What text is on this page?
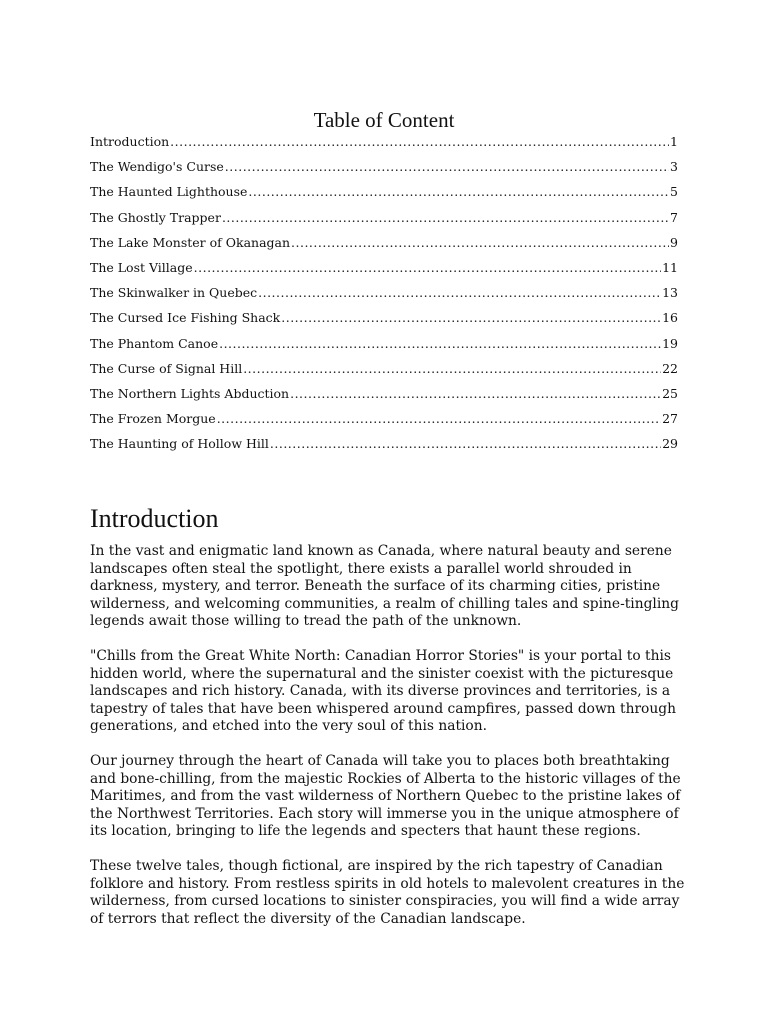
Table of Content
Introduction .....	1
The Wendigo's Curse .....	3
The Haunted Lighthouse .....	5
The Ghostly Trapper .....	7
The Lake Monster of Okanagan .....	9
The Lost Village .....	11
The Skinwalker in Quebec .....	13
The Cursed Ice Fishing Shack .....	16
The Phantom Canoe .....	19
The Curse of Signal Hill .....	22
The Northern Lights Abduction .....	25
The Frozen Morgue .....	27
The Haunting of Hollow Hill .....	29
Introduction

In the vast and enigmatic land known as Canada, where natural beauty and serene landscapes often steal the spotlight, there exists a parallel world shrouded in darkness, mystery, and terror. Beneath the surface of its charming cities, pristine wilderness, and welcoming communities, a realm of chilling tales and spine-tingling legends await those willing to tread the path of the unknown.

"Chills from the Great White North: Canadian Horror Stories" is your portal to this hidden world, where the supernatural and the sinister coexist with the picturesque landscapes and rich history. Canada, with its diverse provinces and territories, is a tapestry of tales that have been whispered around campfires, passed down through generations, and etched into the very soul of this nation.

Our journey through the heart of Canada will take you to places both breathtaking and bone-chilling, from the majestic Rockies of Alberta to the historic villages of the Maritimes, and from the vast wilderness of Northern Quebec to the pristine lakes of the Northwest Territories. Each story will immerse you in the unique atmosphere of its location, bringing to life the legends and specters that haunt these regions.

These twelve tales, though fictional, are inspired by the rich tapestry of Canadian folklore and history. From restless spirits in old hotels to malevolent creatures in the wilderness, from cursed locations to sinister conspiracies, you will find a wide array of terrors that reflect the diversity of the Canadian landscape.
